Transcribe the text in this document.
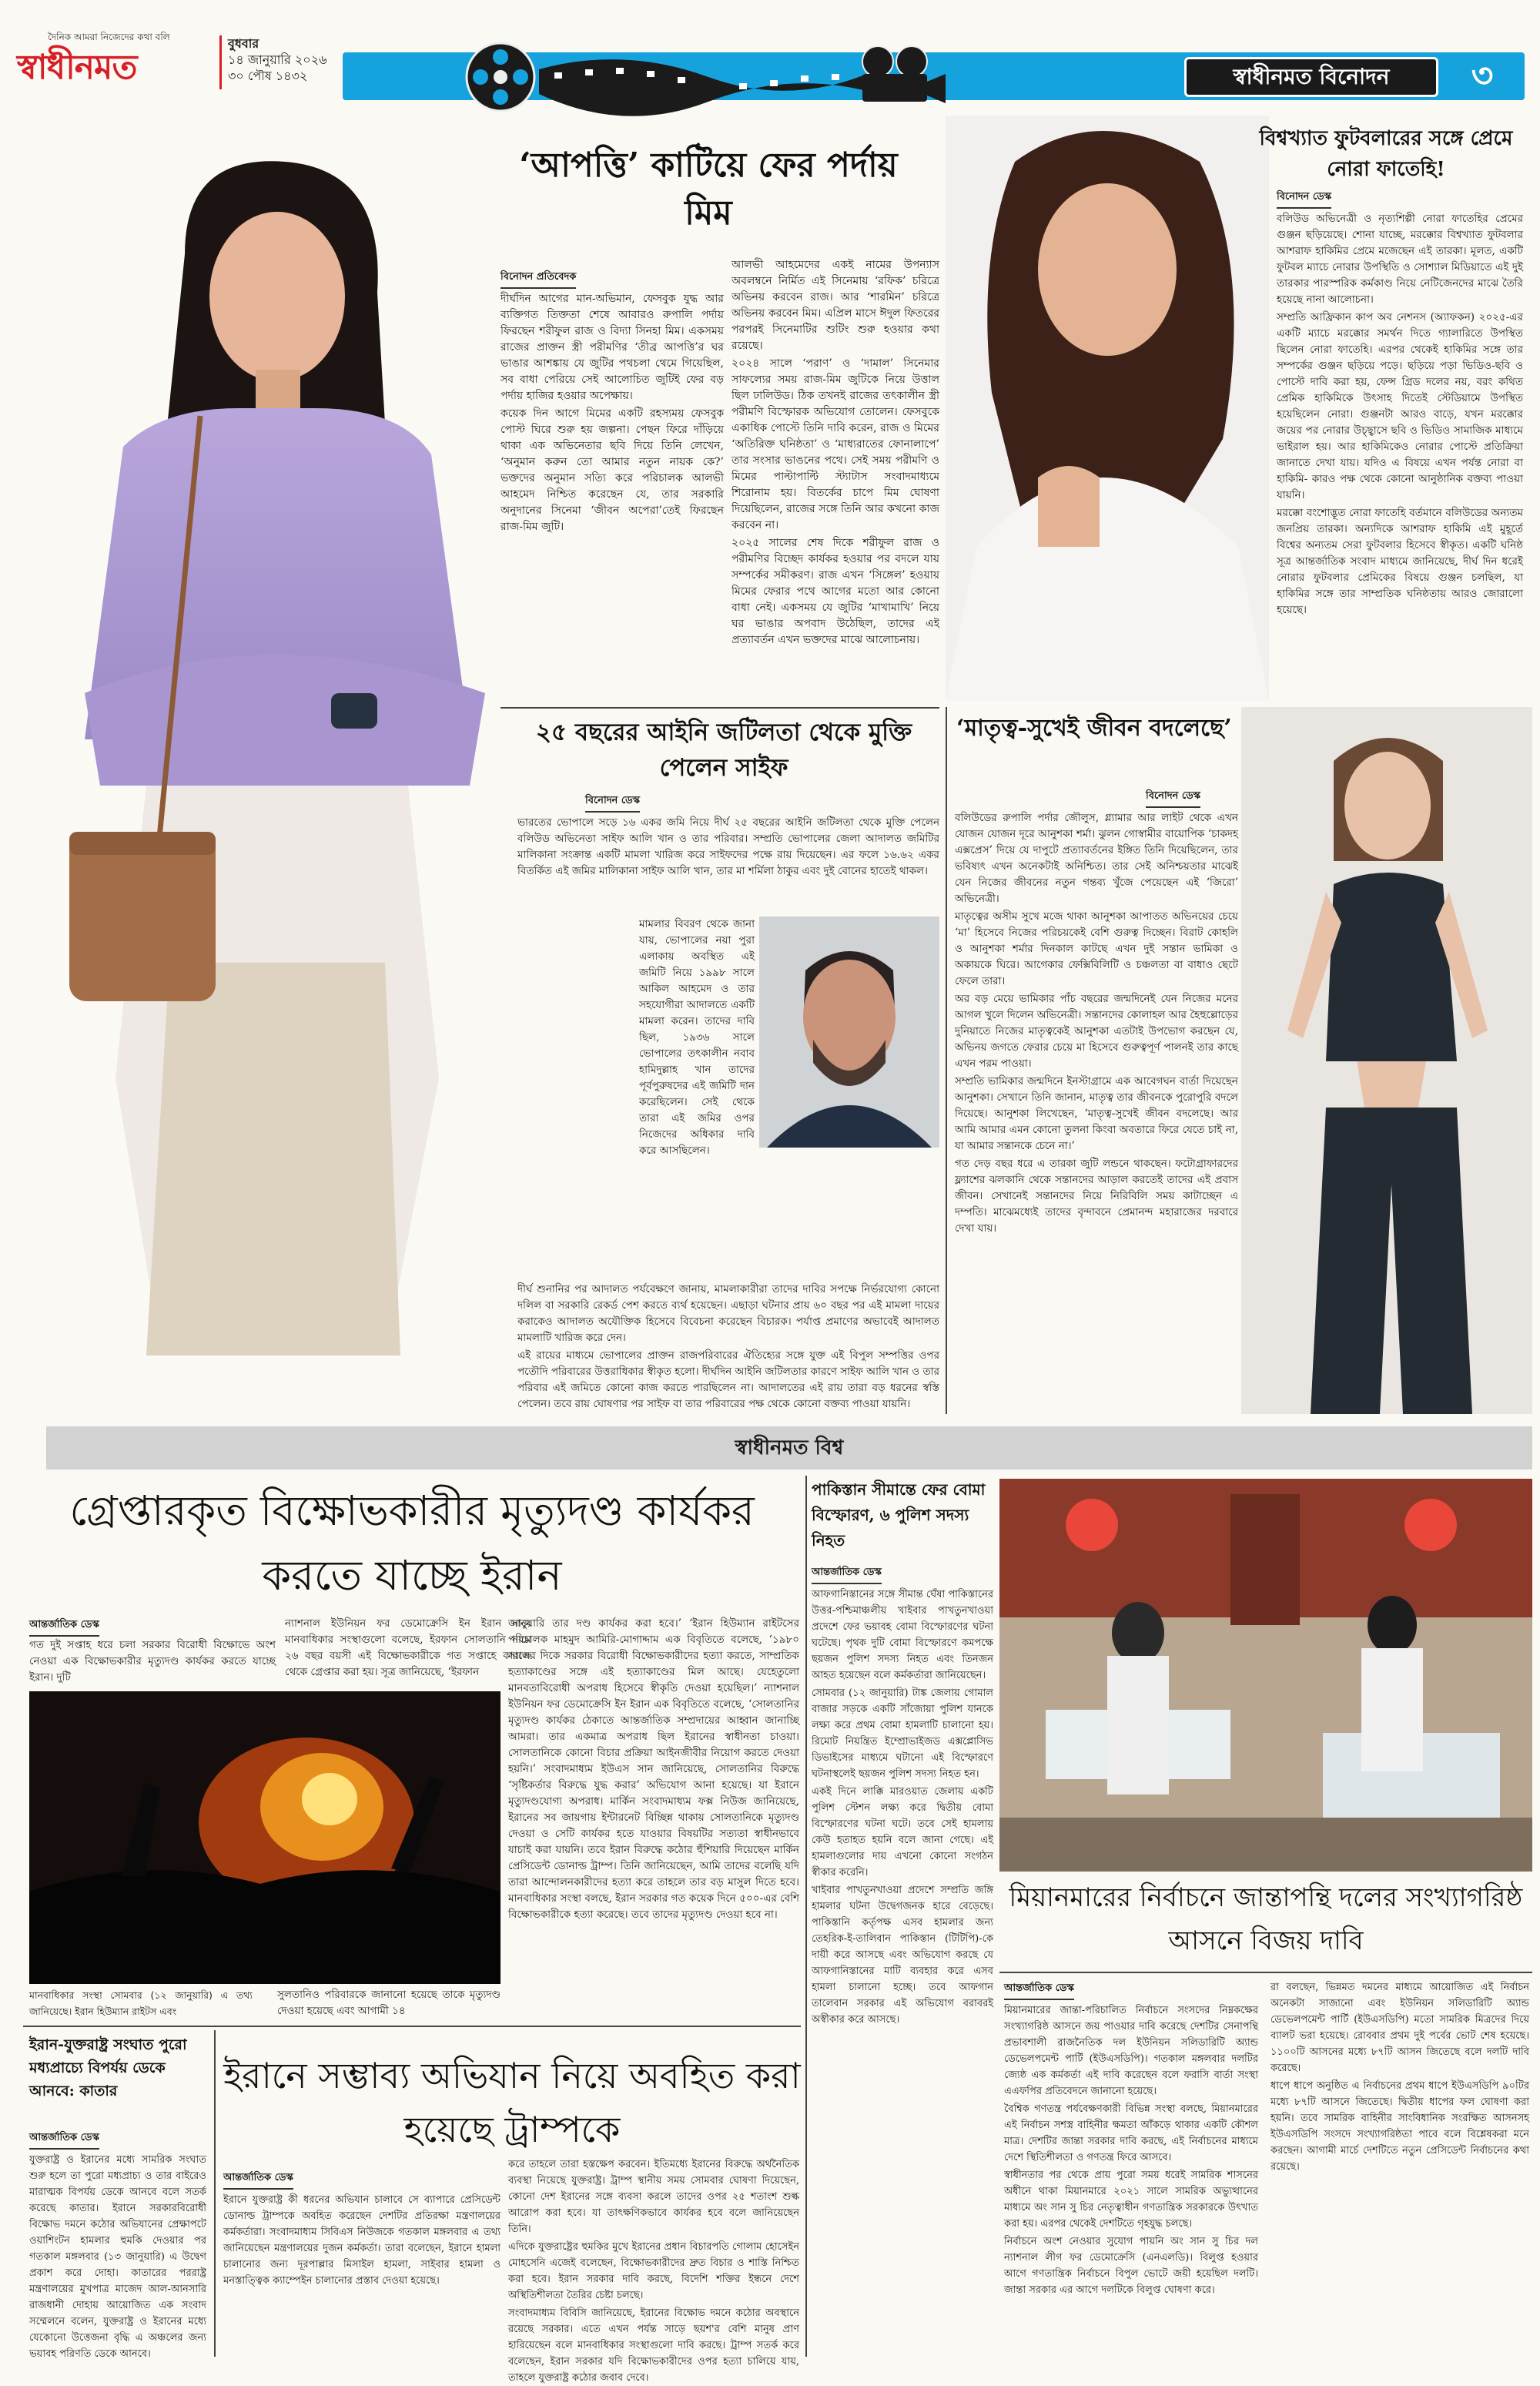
দৈনিক আমরা নিজেদের কথা বলি
স্বাধীনমত
বুধবার
১৪ জানুয়ারি ২০২৬
৩০ পৌষ ১৪৩২	স্বাধীনমত বিনোদন	৩
‘আপত্তি’ কাটিয়ে ফের পর্দায় মিম
বিনোদন প্রতিবেদক

দীর্ঘদিন আগের মান-অভিমান, ফেসবুক যুদ্ধ আর ব্যক্তিগত তিক্ততা শেষে আবারও রুপালি পর্দায় ফিরছেন শরীফুল রাজ ও বিদ্যা সিনহা মিম। একসময় রাজের প্রাক্তন স্ত্রী পরীমণির ‘তীব্র আপত্তি’র ঘর ভাঙার আশঙ্কায় যে জুটির পথচলা থেমে গিয়েছিল, সব বাধা পেরিয়ে সেই আলোচিত জুটিই ফের বড় পর্দায় হাজির হওয়ার অপেক্ষায়।

কয়েক দিন আগে মিমের একটি রহস্যময় ফেসবুক পোস্ট ঘিরে শুরু হয় জল্পনা। পেছন ফিরে দাঁড়িয়ে থাকা এক অভিনেতার ছবি দিয়ে তিনি লেখেন, ‘অনুমান করুন তো আমার নতুন নায়ক কে?’ ভক্তদের অনুমান সত্যি করে পরিচালক আলভী আহমেদ নিশ্চিত করেছেন যে, তার সরকারি অনুদানের সিনেমা ‘জীবন অপেরা’তেই ফিরছেন রাজ-মিম জুটি।

আলভী আহমেদের একই নামের উপন্যাস অবলম্বনে নির্মিত এই সিনেমায় ‘রফিক’ চরিত্রে অভিনয় করবেন রাজ। আর ‘শারমিন’ চরিত্রে অভিনয় করবেন মিম। এপ্রিল মাসে ঈদুল ফিতরের পরপরই সিনেমাটির শুটিং শুরু হওয়ার কথা রয়েছে।

২০২৪ সালে ‘পরাণ’ ও ‘দামাল’ সিনেমার সাফল্যের সময় রাজ-মিম জুটিকে নিয়ে উত্তাল ছিল ঢালিউড। ঠিক তখনই রাজের তৎকালীন স্ত্রী পরীমণি বিস্ফোরক অভিযোগ তোলেন। ফেসবুকে একাধিক পোস্টে তিনি দাবি করেন, রাজ ও মিমের ‘অতিরিক্ত ঘনিষ্ঠতা’ ও ‘মাধ্যরাতের ফোনালাপে’ তার সংসার ভাঙনের পথে। সেই সময় পরীমণি ও মিমের পাল্টাপাল্টি স্ট্যাটাস সংবাদমাধ্যমে শিরোনাম হয়। বিতর্কের চাপে মিম ঘোষণা দিয়েছিলেন, রাজের সঙ্গে তিনি আর কখনো কাজ করবেন না।

২০২৫ সালের শেষ দিকে শরীফুল রাজ ও পরীমণির বিচ্ছেদ কার্যকর হওয়ার পর বদলে যায় সম্পর্কের সমীকরণ। রাজ এখন ‘সিঙ্গেল’ হওয়ায় মিমের ফেরার পথে আগের মতো আর কোনো বাধা নেই। একসময় যে জুটির ‘মাখামাখি’ নিয়ে ঘর ভাঙার অপবাদ উঠেছিল, তাদের এই প্রত্যাবর্তন এখন ভক্তদের মাঝে আলোচনায়।

বিশ্বখ্যাত ফুটবলারের সঙ্গে প্রেমে নোরা ফাতেহি!
বিনোদন ডেস্ক

বলিউড অভিনেত্রী ও নৃত্যশিল্পী নোরা ফাতেহির প্রেমের গুঞ্জন ছড়িয়েছে। শোনা যাচ্ছে, মরক্কোর বিশ্বখ্যাত ফুটবলার আশরাফ হাকিমির প্রেমে মজেছেন এই তারকা। মূলত, একটি ফুটবল ম্যাচে নোরার উপস্থিতি ও সোশ্যাল মিডিয়াতে এই দুই তারকার পারস্পরিক কর্মকাণ্ড নিয়ে নেটিজেনদের মাঝে তৈরি হয়েছে নানা আলোচনা।

সম্প্রতি আফ্রিকান কাপ অব নেশনস (অ্যাফকন) ২০২৫-এর একটি ম্যাচে মরক্কোর সমর্থন দিতে গ্যালারিতে উপস্থিত ছিলেন নোরা ফাতেহি। এরপর থেকেই হাকিমির সঙ্গে তার সম্পর্কের গুঞ্জন ছড়িয়ে পড়ে। ছড়িয়ে পড়া ভিডিও-ছবি ও পোস্টে দাবি করা হয়, ফেন্স গ্রিড দলের নয়, বরং কথিত প্রেমিক হাকিমিকে উৎসাহ দিতেই স্টেডিয়ামে উপস্থিত হয়েছিলেন নোরা। গুঞ্জনটা আরও বাড়ে, যখন মরক্কোর জয়ের পর নোরার উচ্ছ্বাসে ছবি ও ভিডিও সামাজিক মাধ্যমে ভাইরাল হয়। আর হাকিমিকেও নোরার পোস্টে প্রতিক্রিয়া জানাতে দেখা যায়। যদিও এ বিষয়ে এখন পর্যন্ত নোরা বা হাকিমি- কারও পক্ষ থেকে কোনো আনুষ্ঠানিক বক্তব্য পাওয়া যায়নি।

মরক্কো বংশোদ্ভূত নোরা ফাতেহি বর্তমানে বলিউডের অন্যতম জনপ্রিয় তারকা। অন্যদিকে আশরাফ হাকিমি এই মুহূর্তে বিশ্বের অন্যতম সেরা ফুটবলার হিসেবে স্বীকৃত। একটি ঘনিষ্ঠ সূত্র আন্তর্জাতিক সংবাদ মাধ্যমে জানিয়েছে, দীর্ঘ দিন ধরেই নোরার ফুটবলার প্রেমিকের বিষয়ে গুঞ্জন চলছিল, যা হাকিমির সঙ্গে তার সাম্প্রতিক ঘনিষ্ঠতায় আরও জোরালো হয়েছে।

২৫ বছরের আইনি জটিলতা থেকে মুক্তি পেলেন সাইফ
বিনোদন ডেস্ক

ভারতের ভোপালে সড়ে ১৬ একর জমি নিয়ে দীর্ঘ ২৫ বছরের আইনি জটিলতা থেকে মুক্তি পেলেন বলিউড অভিনেতা সাইফ আলি খান ও তার পরিবার। সম্প্রতি ভোপালের জেলা আদালত জমিটির মালিকানা সংক্রান্ত একটি মামলা খারিজ করে সাইফদের পক্ষে রায় দিয়েছেন। এর ফলে ১৬.৬২ একর বিতর্কিত এই জমির মালিকানা সাইফ আলি খান, তার মা শর্মিলা ঠাকুর এবং দুই বোনের হাতেই থাকল।

মামলার বিবরণ থেকে জানা যায়, ভোপালের নয়া পুরা এলাকায় অবস্থিত এই জমিটি নিয়ে ১৯৯৮ সালে আকিল আহমেদ ও তার সহযোগীরা আদালতে একটি মামলা করেন। তাদের দাবি ছিল, ১৯৩৬ সালে ভোপালের তৎকালীন নবাব হামিদুল্লাহ খান তাদের পূর্বপুরুষদের এই জমিটি দান করেছিলেন। সেই থেকে তারা এই জমির ওপর নিজেদের অধিকার দাবি করে আসছিলেন।

দীর্ঘ শুনানির পর আদালত পর্যবেক্ষণে জানায়, মামলাকারীরা তাদের দাবির সপক্ষে নির্ভরযোগ্য কোনো দলিল বা সরকারি রেকর্ড পেশ করতে ব্যর্থ হয়েছেন। এছাড়া ঘটনার প্রায় ৬০ বছর পর এই মামলা দায়ের করাকেও আদালত অযৌক্তিক হিসেবে বিবেচনা করেছেন বিচারক। পর্যাপ্ত প্রমাণের অভাবেই আদালত মামলাটি খারিজ করে দেন।

এই রায়ের মাধ্যমে ভোপালের প্রাক্তন রাজপরিবারের ঐতিহ্যের সঙ্গে যুক্ত এই বিপুল সম্পত্তির ওপর পতৌদি পরিবারের উত্তরাধিকার স্বীকৃত হলো। দীর্ঘদিন আইনি জটিলতার কারণে সাইফ আলি খান ও তার পরিবার এই জমিতে কোনো কাজ করতে পারছিলেন না। আদালতের এই রায় তারা বড় ধরনের স্বস্তি পেলেন। তবে রায় ঘোষণার পর সাইফ বা তার পরিবারের পক্ষ থেকে কোনো বক্তব্য পাওয়া যায়নি।

‘মাতৃত্ব-সুখেই জীবন বদলেছে’
বিনোদন ডেস্ক

বলিউডের রুপালি পর্দার জৌলুস, গ্ল্যামার আর লাইট থেকে এখন যোজন যোজন দূরে আনুশকা শর্মা। ঝুলন গোস্বামীর বায়োপিক ‘চাকদহ এক্সপ্রেস’ দিয়ে যে দাপুটে প্রত্যাবর্তনের ইঙ্গিত তিনি দিয়েছিলেন, তার ভবিষ্যৎ এখন অনেকটাই অনিশ্চিত। তার সেই অনিশ্চয়তার মাঝেই যেন নিজের জীবনের নতুন গন্তব্য খুঁজে পেয়েছেন এই ‘জিরো’ অভিনেত্রী।

মাতৃত্বের অসীম সুখে মজে থাকা আনুশকা আপাতত অভিনয়ের চেয়ে ‘মা’ হিসেবে নিজের পরিচয়কেই বেশি গুরুত্ব দিচ্ছেন। বিরাট কোহলি ও আনুশকা শর্মার দিনকাল কাটছে এখন দুই সন্তান ভামিকা ও অকায়কে ঘিরে। আগেকার ফেক্সিবিলিটি ও চঞ্চলতা বা বাধাও ছেটে ফেলে তারা।

অর বড় মেয়ে ভামিকার পাঁচ বছরের জন্মদিনেই যেন নিজের মনের আগল খুলে দিলেন অভিনেত্রী। সন্তানদের কোলাহল আর হৈহুল্লোড়ের দুনিয়াতে নিজের মাতৃত্বকেই আনুশকা এতটাই উপভোগ করছেন যে, অভিনয় জগতে ফেরার চেয়ে মা হিসেবে গুরুত্বপূর্ণ পালনই তার কাছে এখন পরম পাওয়া।

সম্প্রতি ভামিকার জন্মদিনে ইনস্টাগ্রামে এক আবেগঘন বার্তা দিয়েছেন আনুশকা। সেখানে তিনি জানান, মাতৃত্ব তার জীবনকে পুরোপুরি বদলে দিয়েছে। আনুশকা লিখেছেন, ‘মাতৃত্ব-সুখেই জীবন বদলেছে। আর আমি আমার এমন কোনো তুলনা কিংবা অবতারে ফিরে যেতে চাই না, যা আমার সন্তানকে চেনে না।’

গত দেড় বছর ধরে এ তারকা জুটি লন্ডনে থাকছেন। ফটোগ্রাফারদের ফ্ল্যাশের ঝলকানি থেকে সন্তানদের আড়াল করতেই তাদের এই প্রবাস জীবন। সেখানেই সন্তানদের নিয়ে নিরিবিলি সময় কাটাচ্ছেন এ দম্পতি। মাঝেমধ্যেই তাদের বৃন্দাবনে প্রেমানন্দ মহারাজের দরবারে দেখা যায়।

স্বাধীনমত বিশ্ব
গ্রেপ্তারকৃত বিক্ষোভকারীর মৃত্যুদণ্ড কার্যকর করতে যাচ্ছে ইরান
আন্তর্জাতিক ডেস্ক

গত দুই সপ্তাহ ধরে চলা সরকার বিরোধী বিক্ষোভে অংশ নেওয়া এক বিক্ষোভকারীর মৃত্যুদণ্ড কার্যকর করতে যাচ্ছে ইরান। দুটি

ন্যাশনাল ইউনিয়ন ফর ডেমোক্রেসি ইন ইরান নামে মানবাধিকার সংস্থাগুলো বলেছে, ইরফান সোলতানি নামে ২৬ বছর বয়সী এই বিক্ষোভকারীকে গত সপ্তাহে কারাজ থেকে গ্রেপ্তার করা হয়। সূত্র জানিয়েছে, ‘ইরফান

মানবাধিকার সংস্থা সোমবার (১২ জানুয়ারি) এ তথ্য জানিয়েছে। ইরান হিউম্যান রাইটস এবং

সুলতানিও পরিবারকে জানানো হয়েছে তাকে মৃত্যুদণ্ড দেওয়া হয়েছে এবং আগামী ১৪

জানুয়ারি তার দণ্ড কার্যকর করা হবে।’ ‘ইরান হিউম্যান রাইটসের পরিচালক মাহমুদ আমিরি-মোগাদ্দাম এক বিবৃতিতে বলেছে, ‘১৯৮০ সালের দিকে সরকার বিরোধী বিক্ষোভকারীদের হত্যা করতে, সাম্প্রতিক হত্যাকাণ্ডের সঙ্গে এই হত্যাকাণ্ডের মিল আছে। যেহেতুলো মানবতাবিরোধী অপরাধ হিসেবে স্বীকৃতি দেওয়া হয়েছিল।’ ন্যাশনাল ইউনিয়ন ফর ডেমোক্রেসি ইন ইরান এক বিবৃতিতে বলেছে, ‘সোলতানির মৃত্যুদণ্ড কার্যকর ঠেকাতে আন্তর্জাতিক সম্প্রদায়ের আহ্বান জানাচ্ছি আমরা। তার একমাত্র অপরাধ ছিল ইরানের স্বাধীনতা চাওয়া। সোলতানিকে কোনো বিচার প্রক্রিয়া আইনজীবীর নিয়োগ করতে দেওয়া হয়নি।’ সংবাদমাধ্যম ইউএস সান জানিয়েছে, সোলতানির বিরুদ্ধে ‘সৃষ্টিকর্তার বিরুদ্ধে যুদ্ধ করার’ অভিযোগ আনা হয়েছে। যা ইরানে মৃত্যুদণ্ডযোগ্য অপরাধ। মার্কিন সংবাদমাধ্যম ফক্স নিউজ জানিয়েছে, ইরানের সব জায়গায় ইন্টারনেট বিচ্ছিন্ন থাকায় সোলতানিকে মৃত্যুদণ্ড দেওয়া ও সেটি কার্যকর হতে যাওয়ার বিষয়টির সত্যতা স্বাধীনভাবে যাচাই করা যায়নি। তবে ইরান বিরুদ্ধে কঠোর হুঁশিয়ারি দিয়েছেন মার্কিন প্রেসিডেন্ট ডোনাল্ড ট্রাম্প। তিনি জানিয়েছেন, আমি তাদের বলেছি যদি তারা আন্দোলনকারীদের হত্যা করে তাহলে তার বড় মাসুল দিতে হবে। মানবাধিকার সংস্থা বলছে, ইরান সরকার গত কয়েক দিনে ৫০০-এর বেশি বিক্ষোভকারীকে হত্যা করেছে। তবে তাদের মৃত্যুদণ্ড দেওয়া হবে না।

ইরান-যুক্তরাষ্ট্র সংঘাত পুরো মধ্যপ্রাচ্যে বিপর্যয় ডেকে আনবে: কাতার
আন্তর্জাতিক ডেস্ক

যুক্তরাষ্ট্র ও ইরানের মধ্যে সামরিক সংঘাত শুরু হলে তা পুরো মধ্যপ্রাচ্য ও তার বাইরেও মারাত্মক বিপর্যয় ডেকে আনবে বলে সতর্ক করেছে কাতার। ইরানে সরকারবিরোধী বিক্ষোভ দমনে কঠোর অভিযানের প্রেক্ষাপটে ওয়াশিংটন হামলার হুমকি দেওয়ার পর গতকাল মঙ্গলবার (১৩ জানুয়ারি) এ উদ্বেগ প্রকাশ করে দোহা। কাতারের পররাষ্ট্র মন্ত্রণালয়ের মুখপাত্র মাজেদ আল-আনসারি রাজধানী দোহায় আয়োজিত এক সংবাদ সম্মেলনে বলেন, যুক্তরাষ্ট্র ও ইরানের মধ্যে যেকোনো উত্তেজনা বৃদ্ধি এ অঞ্চলের জন্য ভয়াবহ পরিণতি ডেকে আনবে।

ইরানে সম্ভাব্য অভিযান নিয়ে অবহিত করা হয়েছে ট্রাম্পকে
আন্তর্জাতিক ডেস্ক

ইরানে যুক্তরাষ্ট্র কী ধরনের অভিযান চালাবে সে ব্যাপারে প্রেসিডেন্ট ডোনাল্ড ট্রাম্পকে অবহিত করেছেন দেশটির প্রতিরক্ষা মন্ত্রণালয়ের কর্মকর্তারা। সংবাদমাধ্যম সিবিএস নিউজকে গতকাল মঙ্গলবার এ তথ্য জানিয়েছেন মন্ত্রণালয়ের দুজন কর্মকর্তা। তারা বলেছেন, ইরানে হামলা চালানোর জন্য দূরপাল্লার মিসাইল হামলা, সাইবার হামলা ও মনস্তাত্ত্বিক ক্যাম্পেইন চালানোর প্রস্তাব দেওয়া হয়েছে।

করে তাহলে তারা হস্তক্ষেপ করবেন। ইতিমধ্যে ইরানের বিরুদ্ধে অর্থনৈতিক ব্যবস্থা নিয়েছে যুক্তরাষ্ট্র। ট্রাম্প স্থানীয় সময় সোমবার ঘোষণা দিয়েছেন, কোনো দেশ ইরানের সঙ্গে ব্যবসা করলে তাদের ওপর ২৫ শতাংশ শুল্ক আরোপ করা হবে। যা তাৎক্ষণিকভাবে কার্যকর হবে বলে জানিয়েছেন তিনি।

এদিকে যুক্তরাষ্ট্রের হুমকির মুখে ইরানের প্রধান বিচারপতি গোলাম হোসেইন মোহসেনি এজেই বলেছেন, বিক্ষোভকারীদের দ্রুত বিচার ও শাস্তি নিশ্চিত করা হবে। ইরান সরকার দাবি করছে, বিদেশি শক্তির ইন্ধনে দেশে অস্থিতিশীলতা তৈরির চেষ্টা চলছে।

সংবাদমাধ্যম বিবিসি জানিয়েছে, ইরানের বিক্ষোভ দমনে কঠোর অবস্থানে রয়েছে সরকার। এতে এখন পর্যন্ত সাড়ে ছয়শ'র বেশি মানুষ প্রাণ হারিয়েছেন বলে মানবাধিকার সংস্থাগুলো দাবি করছে। ট্রাম্প সতর্ক করে বলেছেন, ইরান সরকার যদি বিক্ষোভকারীদের ওপর হত্যা চালিয়ে যায়, তাহলে যুক্তরাষ্ট্র কঠোর জবাব দেবে।

পাকিস্তান সীমান্তে ফের বোমা বিস্ফোরণ, ৬ পুলিশ সদস্য নিহত
আন্তর্জাতিক ডেস্ক

আফগানিস্তানের সঙ্গে সীমান্ত ঘেঁষা পাকিস্তানের উত্তর-পশ্চিমাঞ্চলীয় খাইবার পাখতুনখাওয়া প্রদেশে ফের ভয়াবহ বোমা বিস্ফোরণের ঘটনা ঘটেছে। পৃথক দুটি বোমা বিস্ফোরণে কমপক্ষে ছয়জন পুলিশ সদস্য নিহত এবং তিনজন আহত হয়েছেন বলে কর্মকর্তারা জানিয়েছেন।

সোমবার (১২ জানুয়ারি) টাঙ্ক জেলায় গোমাল বাজার সড়কে একটি সাঁজোয়া পুলিশ যানকে লক্ষ্য করে প্রথম বোমা হামলাটি চালানো হয়। রিমোট নিয়ন্ত্রিত ইম্প্রোভাইজড এক্সপ্লোসিভ ডিভাইসের মাধ্যমে ঘটানো এই বিস্ফোরণে ঘটনাস্থলেই ছয়জন পুলিশ সদস্য নিহত হন।

একই দিনে লাক্কি মারওয়াত জেলায় একটি পুলিশ স্টেশন লক্ষ্য করে দ্বিতীয় বোমা বিস্ফোরণের ঘটনা ঘটে। তবে সেই হামলায় কেউ হতাহত হয়নি বলে জানা গেছে। এই হামলাগুলোর দায় এখনো কোনো সংগঠন স্বীকার করেনি।

খাইবার পাখতুনখাওয়া প্রদেশে সম্প্রতি জঙ্গি হামলার ঘটনা উদ্বেগজনক হারে বেড়েছে। পাকিস্তানি কর্তৃপক্ষ এসব হামলার জন্য তেহরিক-ই-তালিবান পাকিস্তান (টিটিপি)-কে দায়ী করে আসছে এবং অভিযোগ করছে যে আফগানিস্তানের মাটি ব্যবহার করে এসব হামলা চালানো হচ্ছে। তবে আফগান তালেবান সরকার এই অভিযোগ বরাবরই অস্বীকার করে আসছে।

মিয়ানমারের নির্বাচনে জান্তাপন্থি দলের সংখ্যাগরিষ্ঠ আসনে বিজয় দাবি
আন্তর্জাতিক ডেস্ক

মিয়ানমারের জান্তা-পরিচালিত নির্বাচনে সংসদের নিম্নকক্ষের সংখ্যাগরিষ্ঠ আসনে জয় পাওয়ার দাবি করেছে দেশটির সেনাপন্থি প্রভাবশালী রাজনৈতিক দল ইউনিয়ন সলিডারিটি অ্যান্ড ডেভেলপমেন্ট পার্টি (ইউএসডিপি)। গতকাল মঙ্গলবার দলটির জ্যেষ্ঠ এক কর্মকর্তা এই দাবি করেছেন বলে ফরাসি বার্তা সংস্থা এএফপির প্রতিবেদনে জানানো হয়েছে।

বৈশ্বিক গণতন্ত্র পর্যবেক্ষণকারী বিভিন্ন সংস্থা বলছে, মিয়ানমারের এই নির্বাচন সশস্ত্র বাহিনীর ক্ষমতা আঁকড়ে থাকার একটি কৌশল মাত্র। দেশটির জান্তা সরকার দাবি করছে, এই নির্বাচনের মাধ্যমে দেশে স্থিতিশীলতা ও গণতন্ত্র ফিরে আসবে।

স্বাধীনতার পর থেকে প্রায় পুরো সময় ধরেই সামরিক শাসনের অধীনে থাকা মিয়ানমারে ২০২১ সালে সামরিক অভ্যুত্থানের মাধ্যমে অং সান সু চির নেতৃত্বাধীন গণতান্ত্রিক সরকারকে উৎখাত করা হয়। এরপর থেকেই দেশটিতে গৃহযুদ্ধ চলছে।

নির্বাচনে অংশ নেওয়ার সুযোগ পায়নি অং সান সু চির দল ন্যাশনাল লীগ ফর ডেমোক্রেসি (এনএলডি)। বিলুপ্ত হওয়ার আগে গণতান্ত্রিক নির্বাচনে বিপুল ভোটে জয়ী হয়েছিল দলটি। জান্তা সরকার এর আগে দলটিকে বিলুপ্ত ঘোষণা করে।

রা বলছেন, ভিন্নমত দমনের মাধ্যমে আয়োজিত এই নির্বাচন অনেকটা সাজানো এবং ইউনিয়ন সলিডারিটি অ্যান্ড ডেভেলপমেন্ট পার্টি (ইউএসডিপি) মতো সামরিক মিত্রদের দিয়ে ব্যালট ভরা হয়েছে। রোববার প্রথম দুই পর্বের ভোট শেষ হয়েছে। ১১০০টি আসনের মধ্যে ৮৭টি আসন জিতেছে বলে দলটি দাবি করেছে।

ধাপে ধাপে অনুষ্ঠিত এ নির্বাচনের প্রথম ধাপে ইউএসডিপি ৯০টির মধ্যে ৮৭টি আসনে জিতেছে। দ্বিতীয় ধাপের ফল ঘোষণা করা হয়নি। তবে সামরিক বাহিনীর সাংবিধানিক সংরক্ষিত আসনসহ ইউএসডিপি সংসদে সংখ্যাগরিষ্ঠতা পাবে বলে বিশ্লেষকরা মনে করছেন। আগামী মার্চে দেশটিতে নতুন প্রেসিডেন্ট নির্বাচনের কথা রয়েছে।
